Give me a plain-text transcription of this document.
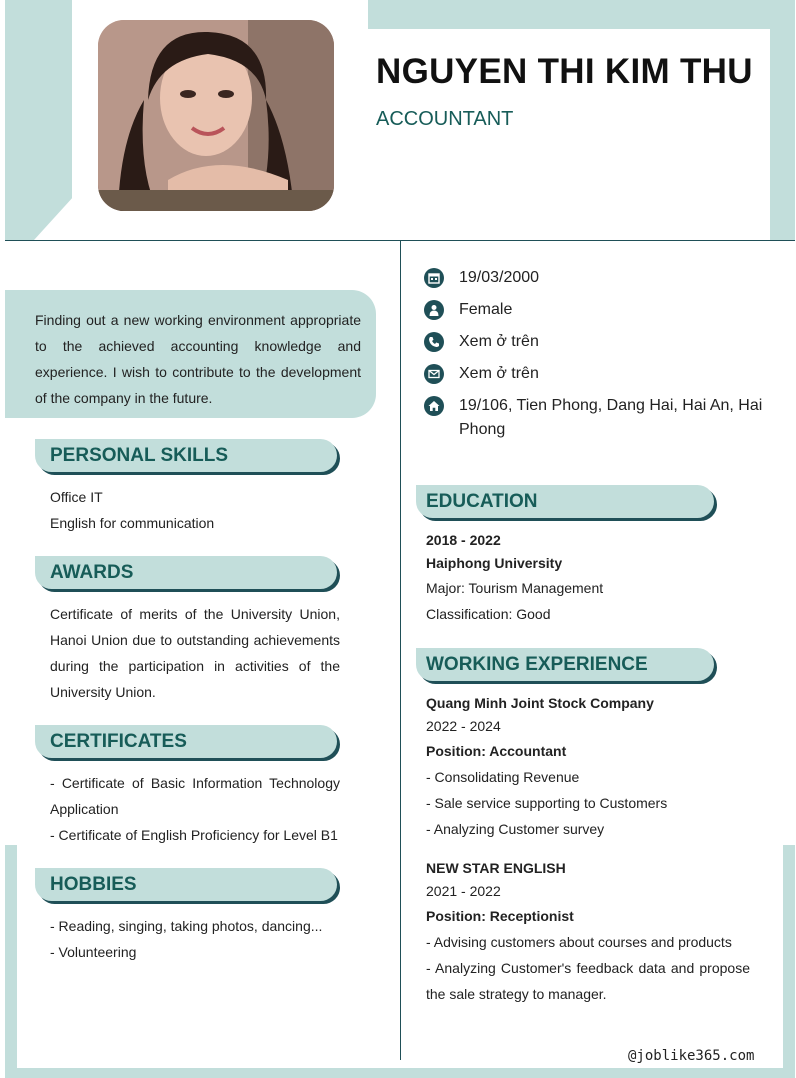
NGUYEN THI KIM THU
ACCOUNTANT
19/03/2000
Female
Xem ở trên
Xem ở trên
19/106, Tien Phong, Dang Hai, Hai An, Hai Phong

Finding out a new working environment appropriate to the achieved accounting knowledge and experience. I wish to contribute to the development of the company in the future.

PERSONAL SKILLS
Office IT
English for communication
AWARDS
Certificate of merits of the University Union, Hanoi Union due to outstanding achievements during the participation in activities of the University Union.
CERTIFICATES
- Certificate of Basic Information Technology Application
- Certificate of English Proficiency for Level B1
HOBBIES
- Reading, singing, taking photos, dancing...
- Volunteering
EDUCATION
2018 - 2022
Haiphong University
Major: Tourism Management
Classification: Good
WORKING EXPERIENCE
Quang Minh Joint Stock Company
2022 - 2024
Position: Accountant
- Consolidating Revenue
- Sale service supporting to Customers
- Analyzing Customer survey
NEW STAR ENGLISH
2021 - 2022
Position: Receptionist
- Advising customers about courses and products
- Analyzing Customer's feedback data and propose the sale strategy to manager.
@joblike365.com
